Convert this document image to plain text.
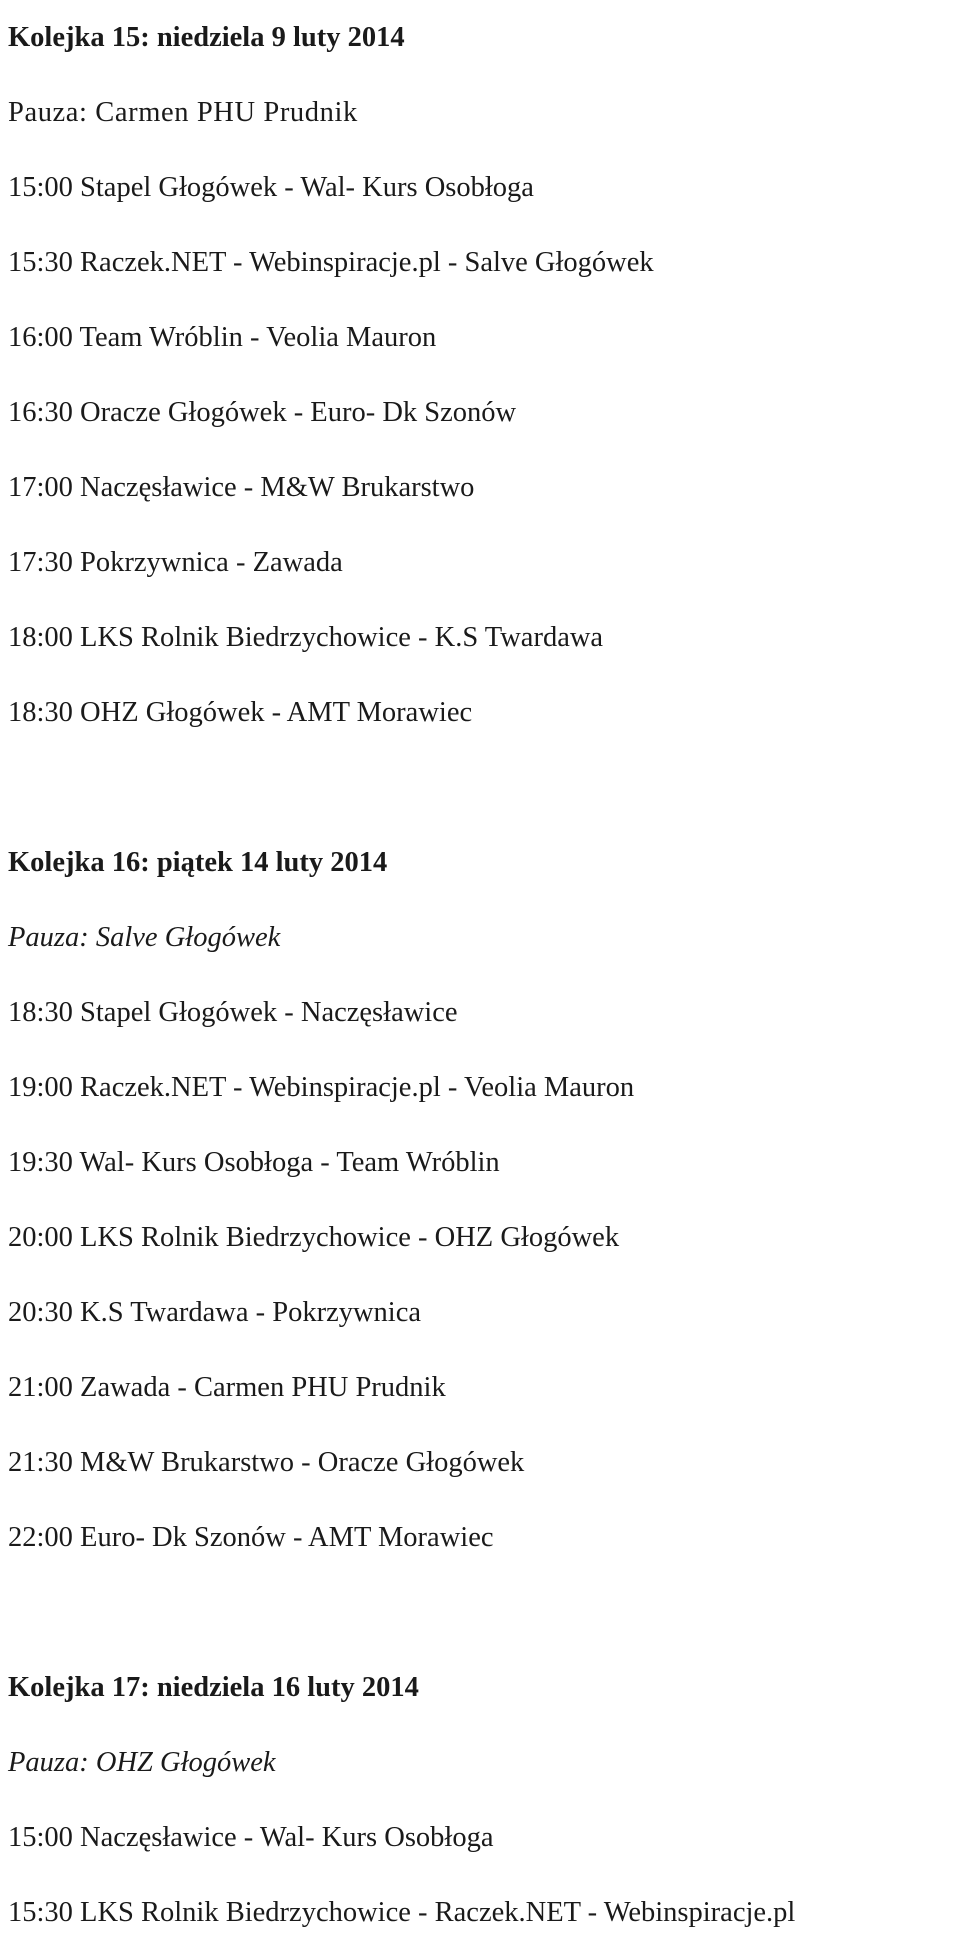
Kolejka 15: niedziela 9 luty 2014
Pauza: Carmen PHU Prudnik
15:00 Stapel Głogówek - Wal- Kurs Osobłoga
15:30 Raczek.NET - Webinspiracje.pl - Salve Głogówek
16:00 Team Wróblin - Veolia Mauron
16:30 Oracze Głogówek - Euro- Dk Szonów
17:00 Naczęsławice - M&W Brukarstwo
17:30 Pokrzywnica - Zawada
18:00 LKS Rolnik Biedrzychowice - K.S Twardawa
18:30 OHZ Głogówek - AMT Morawiec
Kolejka 16: piątek 14 luty 2014
Pauza: Salve Głogówek
18:30 Stapel Głogówek - Naczęsławice
19:00 Raczek.NET - Webinspiracje.pl - Veolia Mauron
19:30 Wal- Kurs Osobłoga - Team Wróblin
20:00 LKS Rolnik Biedrzychowice - OHZ Głogówek
20:30 K.S Twardawa - Pokrzywnica
21:00 Zawada - Carmen PHU Prudnik
21:30 M&W Brukarstwo - Oracze Głogówek
22:00 Euro- Dk Szonów - AMT Morawiec
Kolejka 17: niedziela 16 luty 2014
Pauza: OHZ Głogówek
15:00 Naczęsławice - Wal- Kurs Osobłoga
15:30 LKS Rolnik Biedrzychowice - Raczek.NET - Webinspiracje.pl
